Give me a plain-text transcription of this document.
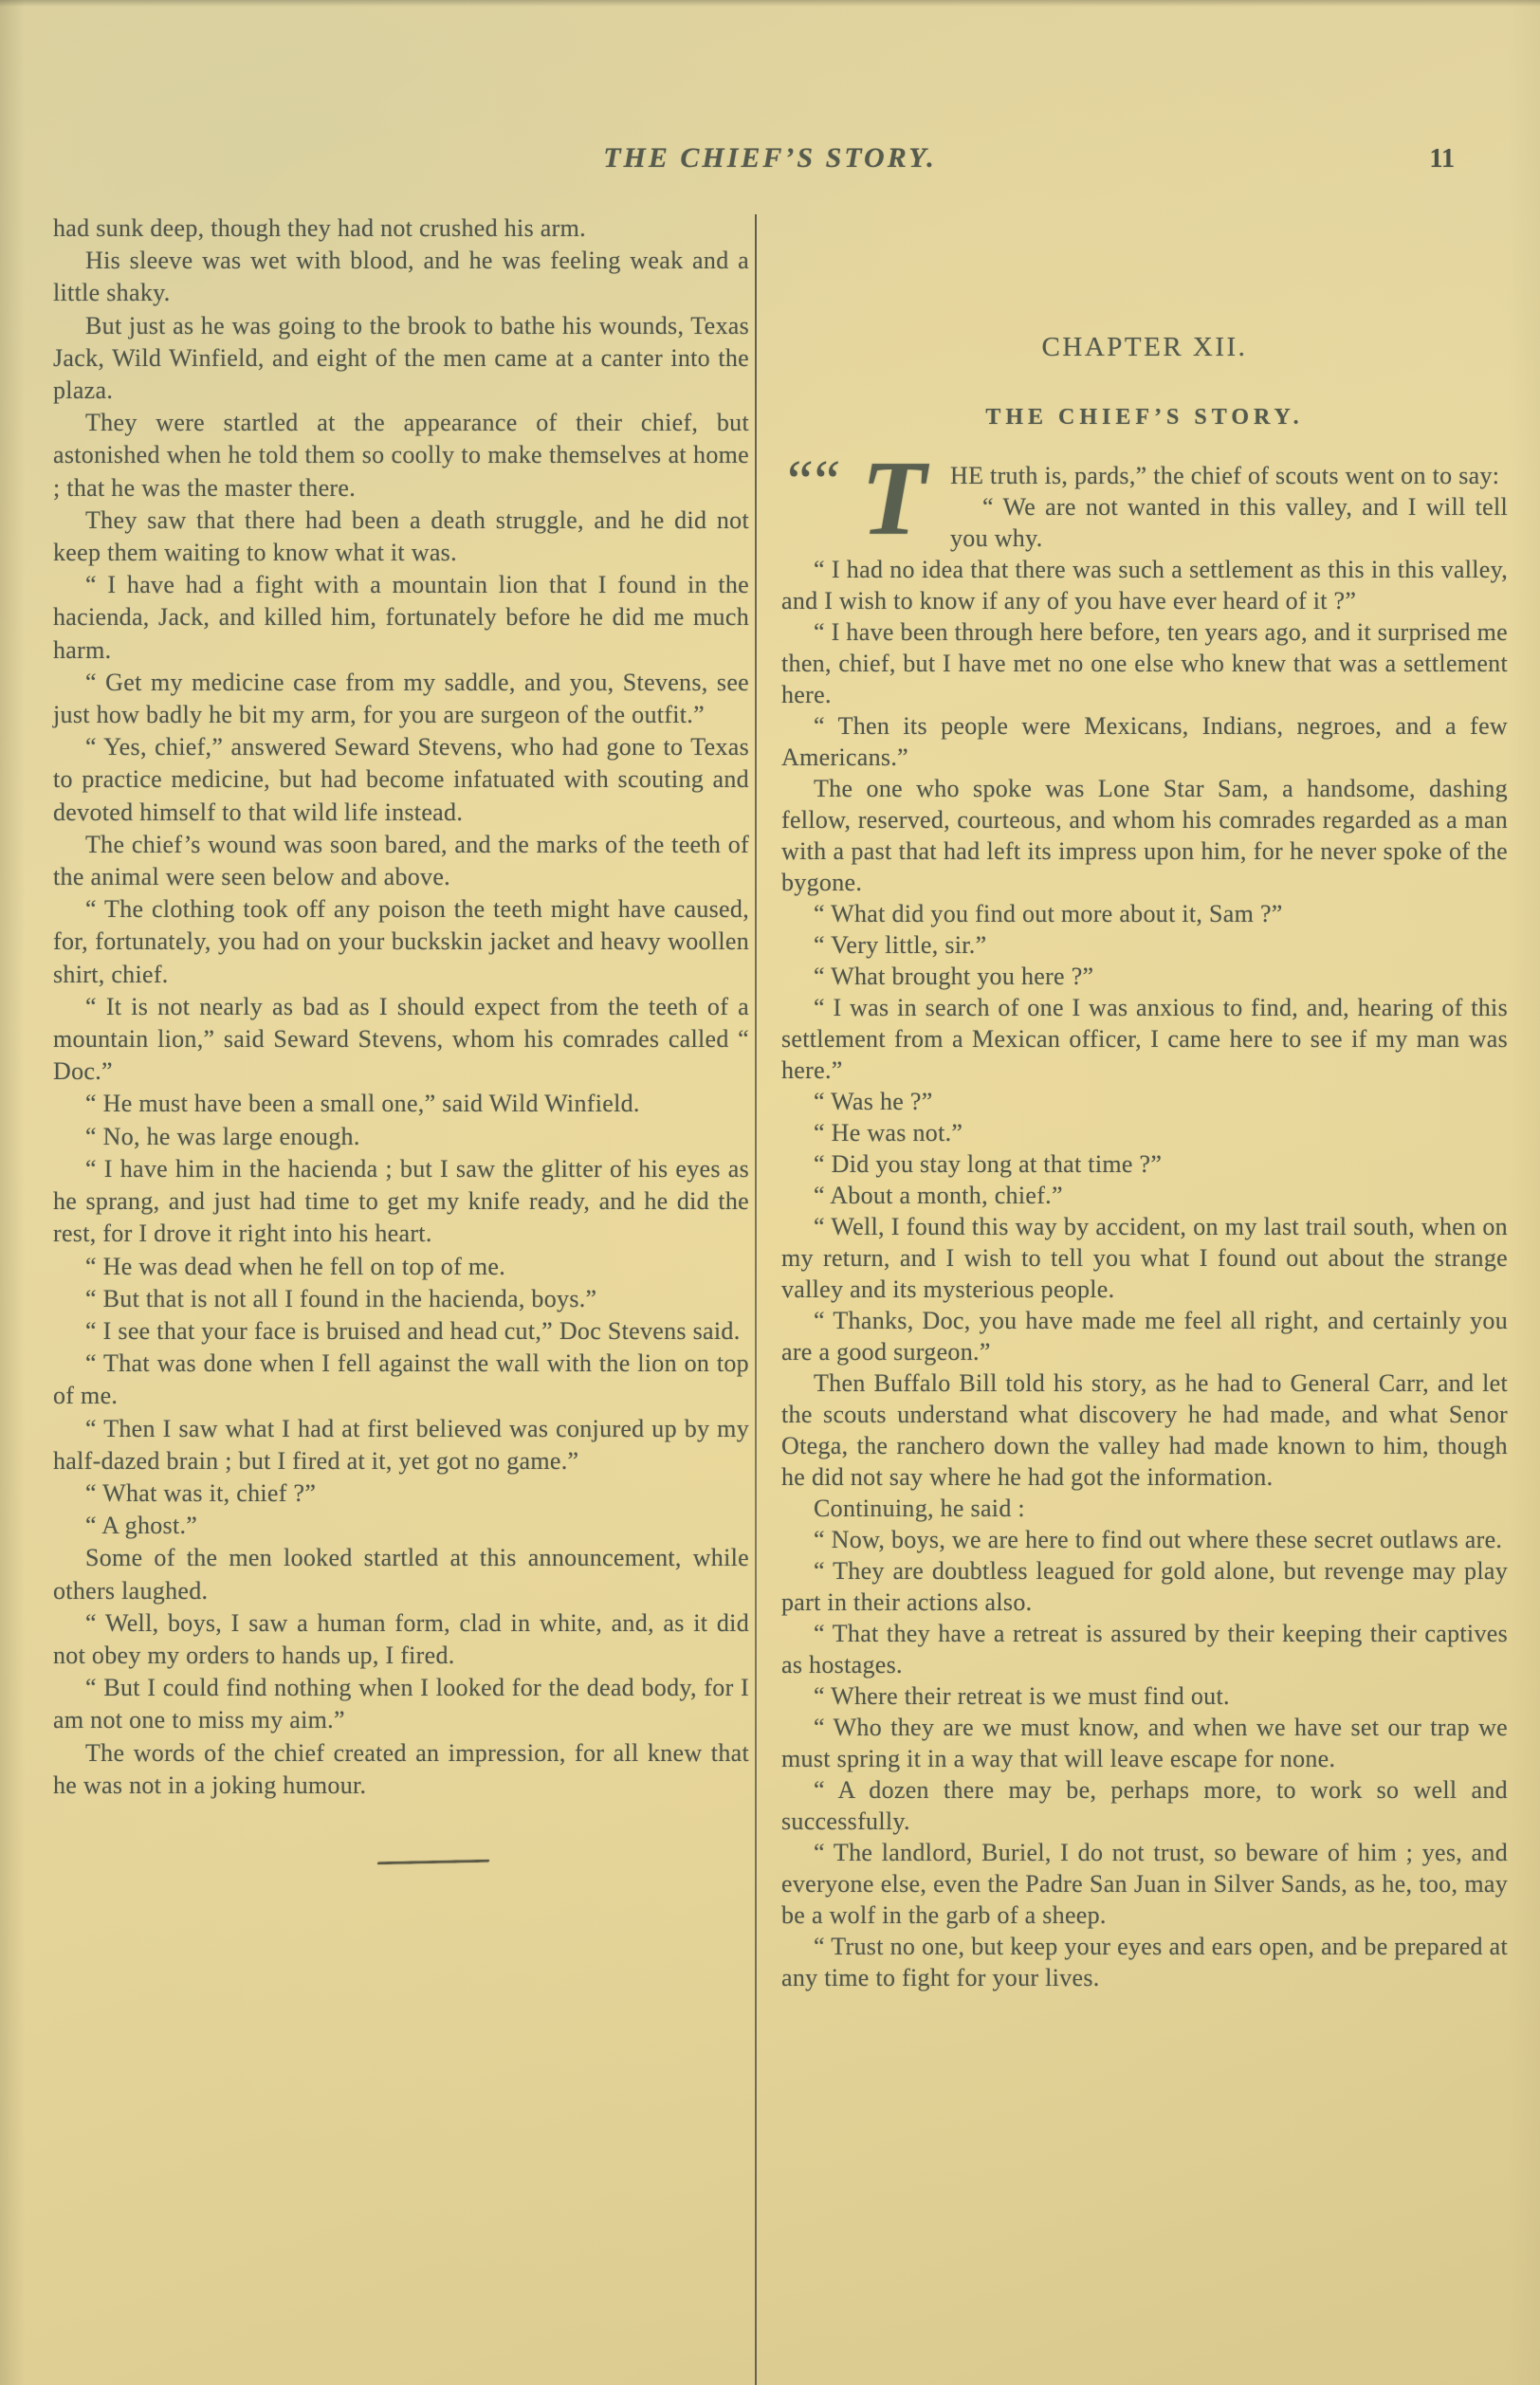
THE CHIEF’S STORY.	11

had sunk deep, though they had not crushed his arm.

His sleeve was wet with blood, and he was feeling weak and a little shaky.

But just as he was going to the brook to bathe his wounds, Texas Jack, Wild Winfield, and eight of the men came at a canter into the plaza.

They were startled at the appearance of their chief, but astonished when he told them so coolly to make themselves at home ; that he was the master there.

They saw that there had been a death struggle, and he did not keep them waiting to know what it was.

“ I have had a fight with a mountain lion that I found in the hacienda, Jack, and killed him, fortunately before he did me much harm.

“ Get my medicine case from my saddle, and you, Stevens, see just how badly he bit my arm, for you are surgeon of the outfit.”

“ Yes, chief,” answered Seward Stevens, who had gone to Texas to practice medicine, but had become infatuated with scouting and devoted himself to that wild life instead.

The chief’s wound was soon bared, and the marks of the teeth of the animal were seen below and above.

“ The clothing took off any poison the teeth might have caused, for, fortunately, you had on your buckskin jacket and heavy woollen shirt, chief.

“ It is not nearly as bad as I should expect from the teeth of a mountain lion,” said Seward Stevens, whom his comrades called “ Doc.”

“ He must have been a small one,” said Wild Winfield.

“ No, he was large enough.

“ I have him in the hacienda ; but I saw the glitter of his eyes as he sprang, and just had time to get my knife ready, and he did the rest, for I drove it right into his heart.

“ He was dead when he fell on top of me.

“ But that is not all I found in the hacienda, boys.”

“ I see that your face is bruised and head cut,” Doc Stevens said.

“ That was done when I fell against the wall with the lion on top of me.

“ Then I saw what I had at first believed was conjured up by my half-dazed brain ; but I fired at it, yet got no game.”

“ What was it, chief ?”

“ A ghost.”

Some of the men looked startled at this announcement, while others laughed.

“ Well, boys, I saw a human form, clad in white, and, as it did not obey my orders to hands up, I fired.

“ But I could find nothing when I looked for the dead body, for I am not one to miss my aim.”

The words of the chief created an impression, for all knew that he was not in a joking humour.

CHAPTER XII.
THE CHIEF’S STORY.

““ T HE truth is, pards,” the chief of scouts went on to say:

“ We are not wanted in this valley, and I will tell you why.

“ I had no idea that there was such a settlement as this in this valley, and I wish to know if any of you have ever heard of it ?”

“ I have been through here before, ten years ago, and it surprised me then, chief, but I have met no one else who knew that was a settlement here.

“ Then its people were Mexicans, Indians, negroes, and a few Americans.”

The one who spoke was Lone Star Sam, a handsome, dashing fellow, reserved, courteous, and whom his comrades regarded as a man with a past that had left its impress upon him, for he never spoke of the bygone.

“ What did you find out more about it, Sam ?”

“ Very little, sir.”

“ What brought you here ?”

“ I was in search of one I was anxious to find, and, hearing of this settlement from a Mexican officer, I came here to see if my man was here.”

“ Was he ?”

“ He was not.”

“ Did you stay long at that time ?”

“ About a month, chief.”

“ Well, I found this way by accident, on my last trail south, when on my return, and I wish to tell you what I found out about the strange valley and its mysterious people.

“ Thanks, Doc, you have made me feel all right, and certainly you are a good surgeon.”

Then Buffalo Bill told his story, as he had to General Carr, and let the scouts understand what discovery he had made, and what Senor Otega, the ranchero down the valley had made known to him, though he did not say where he had got the information.

Continuing, he said :

“ Now, boys, we are here to find out where these secret outlaws are.

“ They are doubtless leagued for gold alone, but revenge may play part in their actions also.

“ That they have a retreat is assured by their keeping their captives as hostages.

“ Where their retreat is we must find out.

“ Who they are we must know, and when we have set our trap we must spring it in a way that will leave escape for none.

“ A dozen there may be, perhaps more, to work so well and successfully.

“ The landlord, Buriel, I do not trust, so beware of him ; yes, and everyone else, even the Padre San Juan in Silver Sands, as he, too, may be a wolf in the garb of a sheep.

“ Trust no one, but keep your eyes and ears open, and be prepared at any time to fight for your lives.
